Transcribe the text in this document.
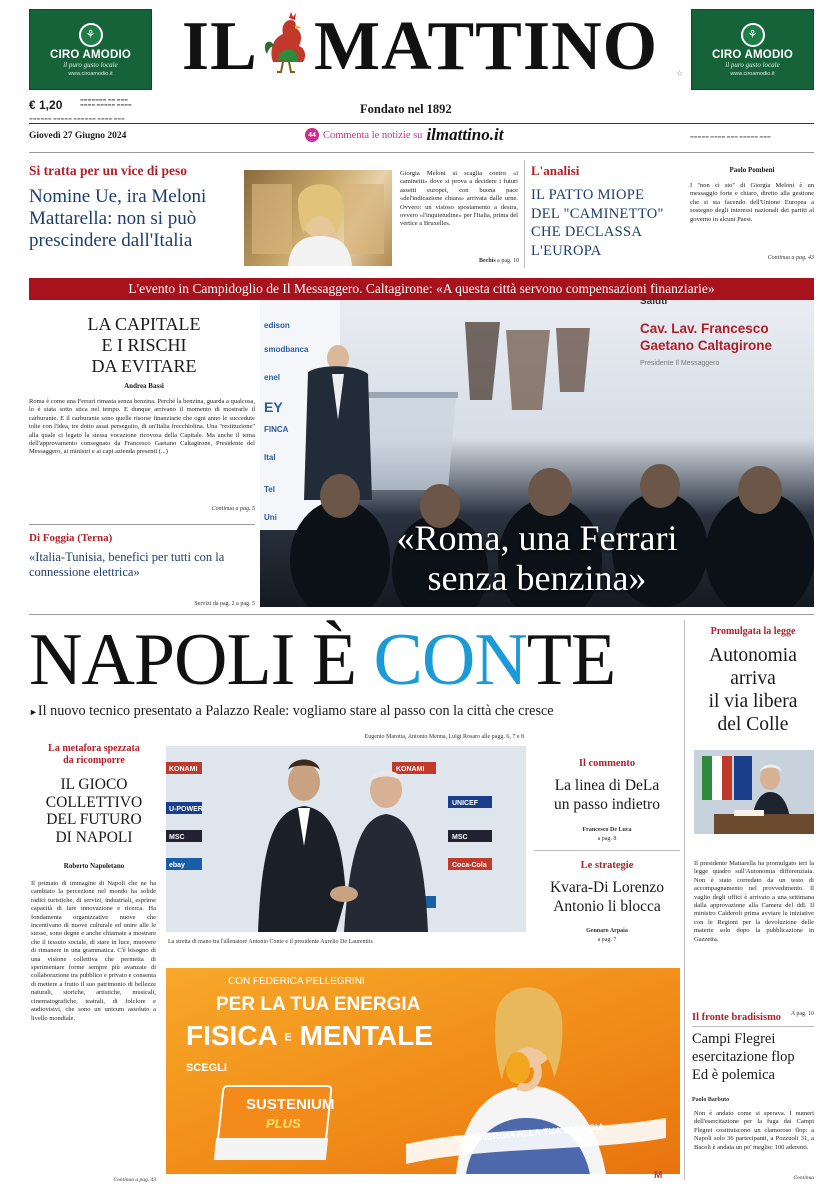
⚘
CIRO AMODIO
il puro gusto locale
www.ciroamodio.it
⚘
CIRO AMODIO
il puro gusto locale
www.ciroamodio.it
IL MATTINO	☆
€ 1,20	▬▬▬▬▬▬▬ ▬▬ ▬▬▬
▬▬▬▬ ▬▬▬▬▬ ▬▬▬▬
▬▬▬▬▬▬ ▬▬▬▬▬ ▬▬▬▬▬▬ ▬▬▬▬ ▬▬▬
Fondato nel 1892
Giovedì 27 Giugno 2024	44 Commenta le notizie su ilmattino.it	▬▬▬▬▬ ▬▬▬▬ ▬▬▬ ▬▬▬▬▬ ▬▬▬
Si tratta per un vice di peso
Nomine Ue, ira Meloni
Mattarella: non si può
prescindere dall'Italia
Giorgia Meloni si scaglia contro «i caminetti» dove si prova a decidere i futuri assetti europei, con buona pace «del'indicazione chiara» arrivata dalle urne. Ovvero: un vistoso spostamento a destra, ovvero «l'inquietudine» per l'Italia, prima del vertice a Bruxelles.
Bechis a pag. 10
L'analisi
IL PATTO MIOPE
DEL "CAMINETTO"
CHE DECLASSA
L'EUROPA
Paolo Pombeni
I "non ci sto" di Giorgia Meloni è un messaggio forte e chiaro, diretto alla gestione che si sta facendo dell'Unione Europea a sostegno degli interessi nazionali dei partiti al governo in alcuni Paesi.
Continua a pag. 43
L'evento in Campidoglio de Il Messaggero. Caltagirone: «A questa città servono compensazioni finanziarie»
LA CAPITALE
E I RISCHI
DA EVITARE
Andrea Bassi
Roma è come una Ferrari rimasta senza benzina. Perché la benzina, guarda a qualcosa, lo è stata sotto stica nel tempo. E dunque arrivano il momento di mostrarle il carburante. E il carburante sono quelle risorse finanziarie che ogni anno le succedute tolte con l'idea, tre dotto assai perseguito, di un'Italia frecchiolina. Una "restituzione" alla quale ci legato la stessa vocazione ricovosa della Capitale. Ma anche il tema dell'approvamento consegnato da Francesco Gaetano Caltagirone, Presidente del Messaggero, ai ministri e ai capi azienda presenti (...)
Continua a pag. 5
Di Foggia (Terna)
«Italia-Tunisia, benefici per tutti con la connessione elettrica»
Servizi da pag. 2 a pag. 5
edison
smodbanca
enel
EY
FINCA
Ital
Tel
Uni
Saluti
Cav. Lav. Francesco
Gaetano Caltagirone
Presidente Il Messaggero
«Roma, una Ferrari
senza benzina»
NAPOLI È CONTE
►Il nuovo tecnico presentato a Palazzo Reale: vogliamo stare al passo con la città che cresce
La metafora spezzata
da ricomporre
IL GIOCO
COLLETTIVO
DEL FUTURO
DI NAPOLI
Roberto Napoletano
Il primato di immagine di Napoli che ne ha cambiato la percezione nel mondo ha solide radici turistiche, di servizi, industriali, esprime capacità di fare innovazione e ricerca. Ha fondamenta organizzative nuove che incentivano di nuove culturale ed unire alle le stesse, sono degne e anche chiamate a mostrare che il tessuto sociale, di stare in luce, muovere di rimanere in una grammatica. C'è bisogno di una visione collettiva che permetta di sperimentare forme sempre più avanzate di collaborazione tra pubblico e privato e consenta di mettere a frutto il suo patrimonio di bellezze naturali, storiche, artistiche, musicali, cinematografiche, teatrali, di folclore e audiovisivi, che sono un unicum assoluto a livello mondiale.
Continua a pag. 43
Eugenio Marotta, Antonio Menna, Luigi Rosaro alle pagg. 6, 7 e 8
KONAMI
U-POWER
MSC
ebay
KONAMI
UNICEF
MSC
Coca-Cola
La stretta di mano tra l'allenatore Antonio Conte e il presidente Aurelio De Laurentiis
Il commento
La linea di DeLa
un passo indietro
Francesco De Luca
a pag. 8
Le strategie
Kvara-Di Lorenzo
Antonio li blocca
Gennaro Arpaia
a pag. 7
Promulgata la legge
Autonomia
arriva
il via libera
del Colle
Il presidente Mattarella ha promulgato ieri la legge quadro sull'Autonomia differenziata. Non è stato corredato da un testo di accompagnamento nel provvedimento. Il vaglio degli uffici è arrivato a una settimana dalla approvazione alla Camera del ddl. Il ministro Calderoli prima avviare le iniziative con le Regioni per la devoluzione delle materie solo dopo la pubblicazione in Gazzetta.
A pag. 10
Il fronte bradisismo
Campi Flegrei
esercitazione flop
Ed è polemica
Paolo Barbuto
Non è andato come si sperava. I numeri dell'esercitazione per la fuga dai Campi Flegrei costituiscono un clamoroso flop: a Napoli solo 36 partecipanti, a Pozzuoli 31, a Bacoli è andata un po' meglio: 100 aderenti.
Continua
CON FEDERICA PELLEGRINI
PER LA TUA ENERGIA
FISICA E MENTALE
SCEGLI
SUSTENIUM
PLUS	DAI ENERGIA ALLA TUA ENERGIA
M
